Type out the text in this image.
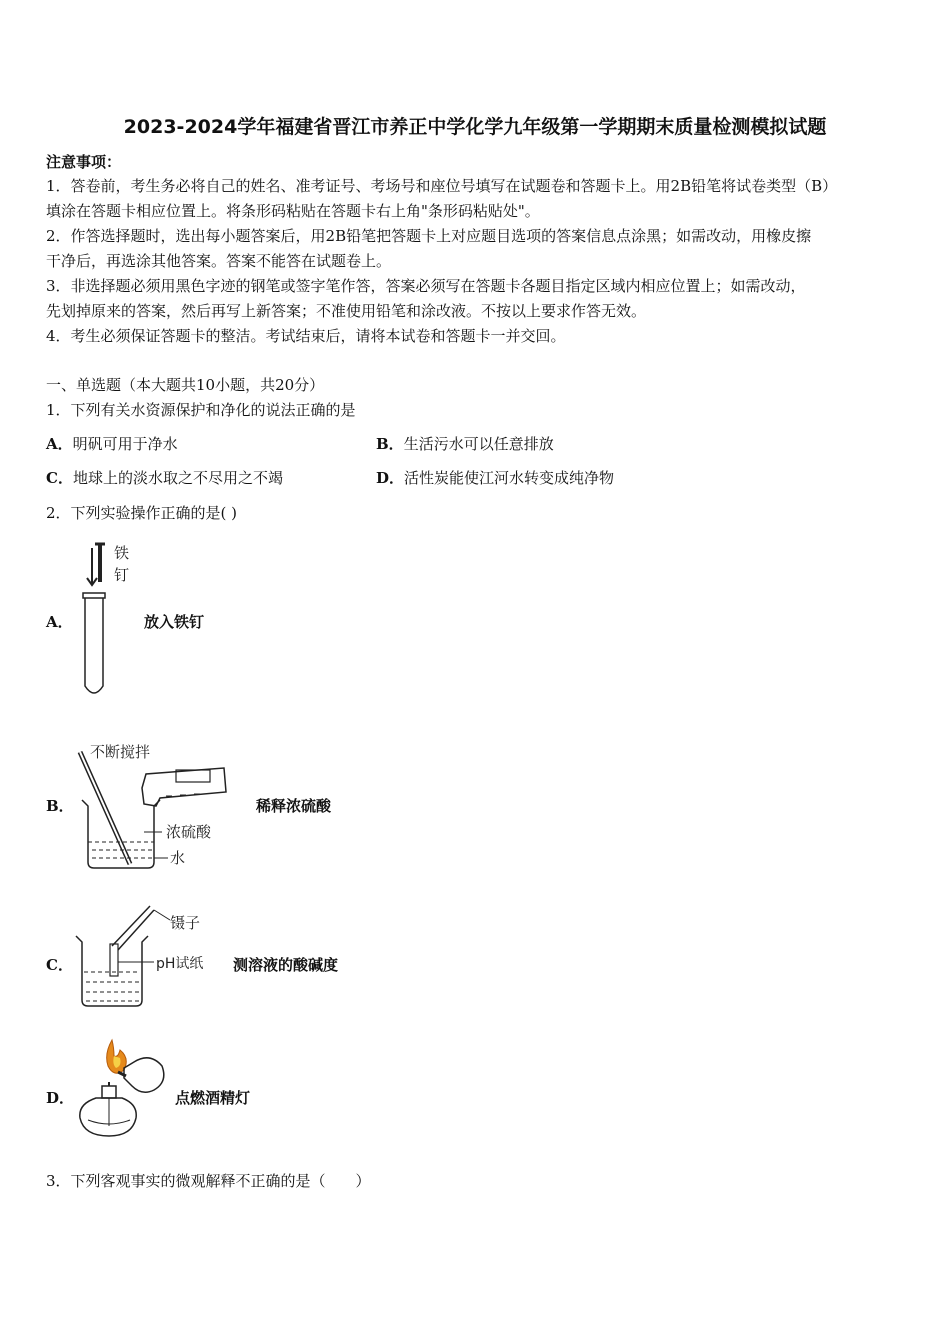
2023-2024学年福建省晋江市养正中学化学九年级第一学期期末质量检测模拟试题
注意事项：
1．答卷前，考生务必将自己的姓名、准考证号、考场号和座位号填写在试题卷和答题卡上。用2B铅笔将试卷类型（B）
填涂在答题卡相应位置上。将条形码粘贴在答题卡右上角"条形码粘贴处"。
2．作答选择题时，选出每小题答案后，用2B铅笔把答题卡上对应题目选项的答案信息点涂黑；如需改动，用橡皮擦
干净后，再选涂其他答案。答案不能答在试题卷上。
3．非选择题必须用黑色字迹的钢笔或签字笔作答，答案必须写在答题卡各题目指定区域内相应位置上；如需改动，
先划掉原来的答案，然后再写上新答案；不准使用铅笔和涂改液。不按以上要求作答无效。
4．考生必须保证答题卡的整洁。考试结束后，请将本试卷和答题卡一并交回。
一、单选题（本大题共10小题，共20分）
1．下列有关水资源保护和净化的说法正确的是
A．明矾可用于净水	B．生活污水可以任意排放
C．地球上的淡水取之不尽用之不竭	D．活性炭能使江河水转变成纯净物
2．下列实验操作正确的是( )
A．
铁
钉
放入铁钉
B．
不断搅拌
浓硫酸
水
稀释浓硫酸
C．
镊子
pH试纸 测溶液的酸碱度
D．	点燃酒精灯
3．下列客观事实的微观解释不正确的是（　　）
